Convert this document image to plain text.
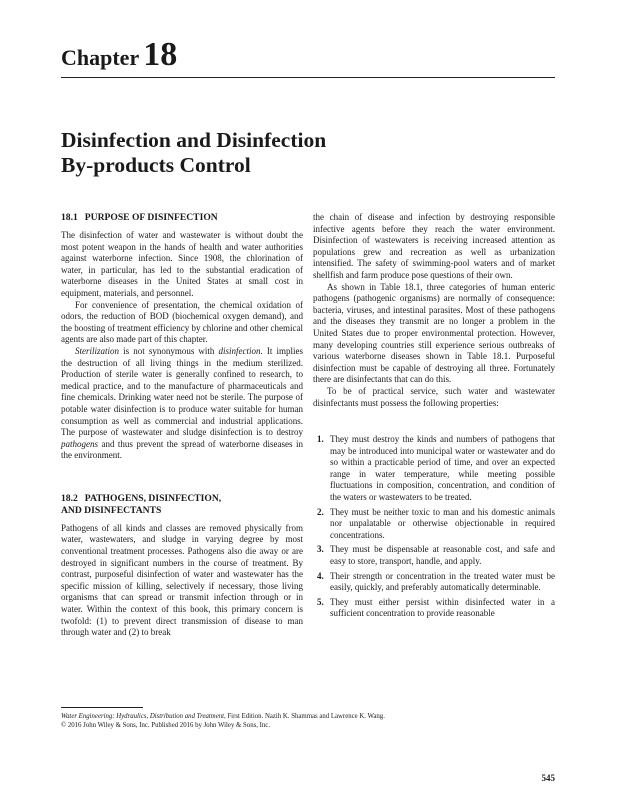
Chapter 18
Disinfection and Disinfection
By-products Control
18.1 PURPOSE OF DISINFECTION

The disinfection of water and wastewater is without doubt the most potent weapon in the hands of health and water authorities against waterborne infection. Since 1908, the chlorination of water, in particular, has led to the substantial eradication of waterborne diseases in the United States at small cost in equipment, materials, and personnel.

For convenience of presentation, the chemical oxidation of odors, the reduction of BOD (biochemical oxygen demand), and the boosting of treatment efficiency by chlorine and other chemical agents are also made part of this chapter.

Sterilization is not synonymous with disinfection. It implies the destruction of all living things in the medium sterilized. Production of sterile water is generally confined to research, to medical practice, and to the manufacture of pharmaceuticals and fine chemicals. Drinking water need not be sterile. The purpose of potable water disinfection is to produce water suitable for human consumption as well as commercial and industrial applications. The purpose of wastewater and sludge disinfection is to destroy pathogens and thus prevent the spread of waterborne diseases in the environment.

18.2 PATHOGENS, DISINFECTION,
AND DISINFECTANTS

Pathogens of all kinds and classes are removed physically from water, wastewaters, and sludge in varying degree by most conventional treatment processes. Pathogens also die away or are destroyed in significant numbers in the course of treatment. By contrast, purposeful disinfection of water and wastewater has the specific mission of killing, selectively if necessary, those living organisms that can spread or transmit infection through or in water. Within the context of this book, this primary concern is twofold: (1) to prevent direct transmission of disease to man through water and (2) to break

the chain of disease and infection by destroying responsible infective agents before they reach the water environment. Disinfection of wastewaters is receiving increased attention as populations grew and recreation as well as urbanization intensified. The safety of swimming-pool waters and of market shellfish and farm produce pose questions of their own.

As shown in Table 18.1, three categories of human enteric pathogens (pathogenic organisms) are normally of consequence: bacteria, viruses, and intestinal parasites. Most of these pathogens and the diseases they transmit are no longer a problem in the United States due to proper environmental protection. However, many developing countries still experience serious outbreaks of various waterborne diseases shown in Table 18.1. Purposeful disinfection must be capable of destroying all three. Fortunately there are disinfectants that can do this.

To be of practical service, such water and wastewater disinfectants must possess the following properties:

1. They must destroy the kinds and numbers of pathogens that may be introduced into municipal water or wastewater and do so within a practicable period of time, and over an expected range in water temperature, while meeting possible fluctuations in composition, concentration, and condition of the waters or wastewaters to be treated.
2. They must be neither toxic to man and his domestic animals nor unpalatable or otherwise objectionable in required concentrations.
3. They must be dispensable at reasonable cost, and safe and easy to store, transport, handle, and apply.
4. Their strength or concentration in the treated water must be easily, quickly, and preferably automatically determinable.
5. They must either persist within disinfected water in a sufficient concentration to provide reasonable
Water Engineering: Hydraulics, Distribution and Treatment, First Edition. Nazih K. Shammas and Lawrence K. Wang.
© 2016 John Wiley & Sons, Inc. Published 2016 by John Wiley & Sons, Inc.
545
